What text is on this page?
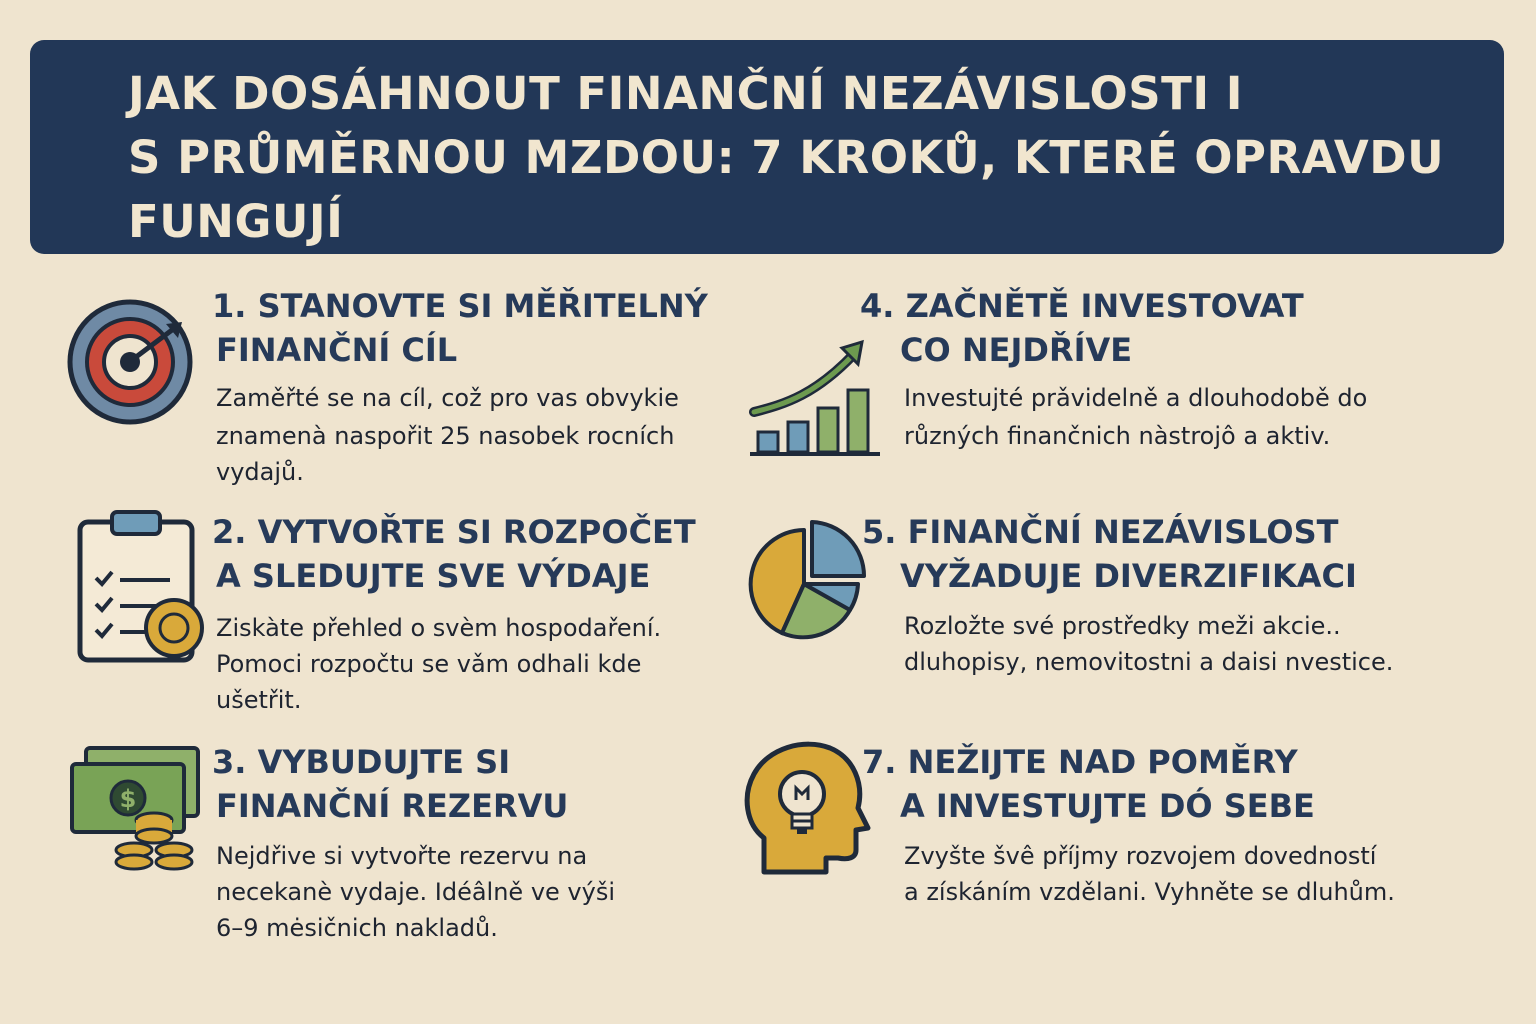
JAK DOSÁHNOUT FINANČNÍ NEZÁVISLOSTI I
S PRŮMĚRNOU MZDOU: 7 KROKŮ, KTERÉ OPRAVDU
FUNGUJÍ
1. STANOVTE SI MĚŘITELNÝ
FINANČNÍ CÍL
Zaměřté se na cíl, což pro vas obvykie
znamenà naspořit 25 nasobek rocních
vydajů.
2. VYTVOŘTE SI ROZPOČET
A SLEDUJTE SVE VÝDAJE
Ziskàte přehled o svèm hospodaření.
Pomoci rozpočtu se vǎm odhali kde
ušetřit.
$
3. VYBUDUJTE SI
FINANČNÍ REZERVU
Nejdřive si vytvořte rezervu na
necekanè vydaje. Idéâlně ve výši
6–9 mėsičnich nakladů.
4. ZAČNĚTĚ INVESTOVAT
CO NEJDŘÍVE
Investujté prǎvidelně a dlouhodobě do
různých finančnich nàstrojô a aktiv.
5. FINANČNÍ NEZÁVISLOST
VYŽADUJE DIVERZIFIKACI
Rozložte své prostředky meži akcie..
dluhopisy, nemovitostni a daisi nvestice.
7. NEŽIJTE NAD POMĚRY
A INVESTUJTE DÓ SEBE
Zvyšte švê příjmy rozvojem dovedností
a získáním vzdělani. Vyhněte se dluhům.
